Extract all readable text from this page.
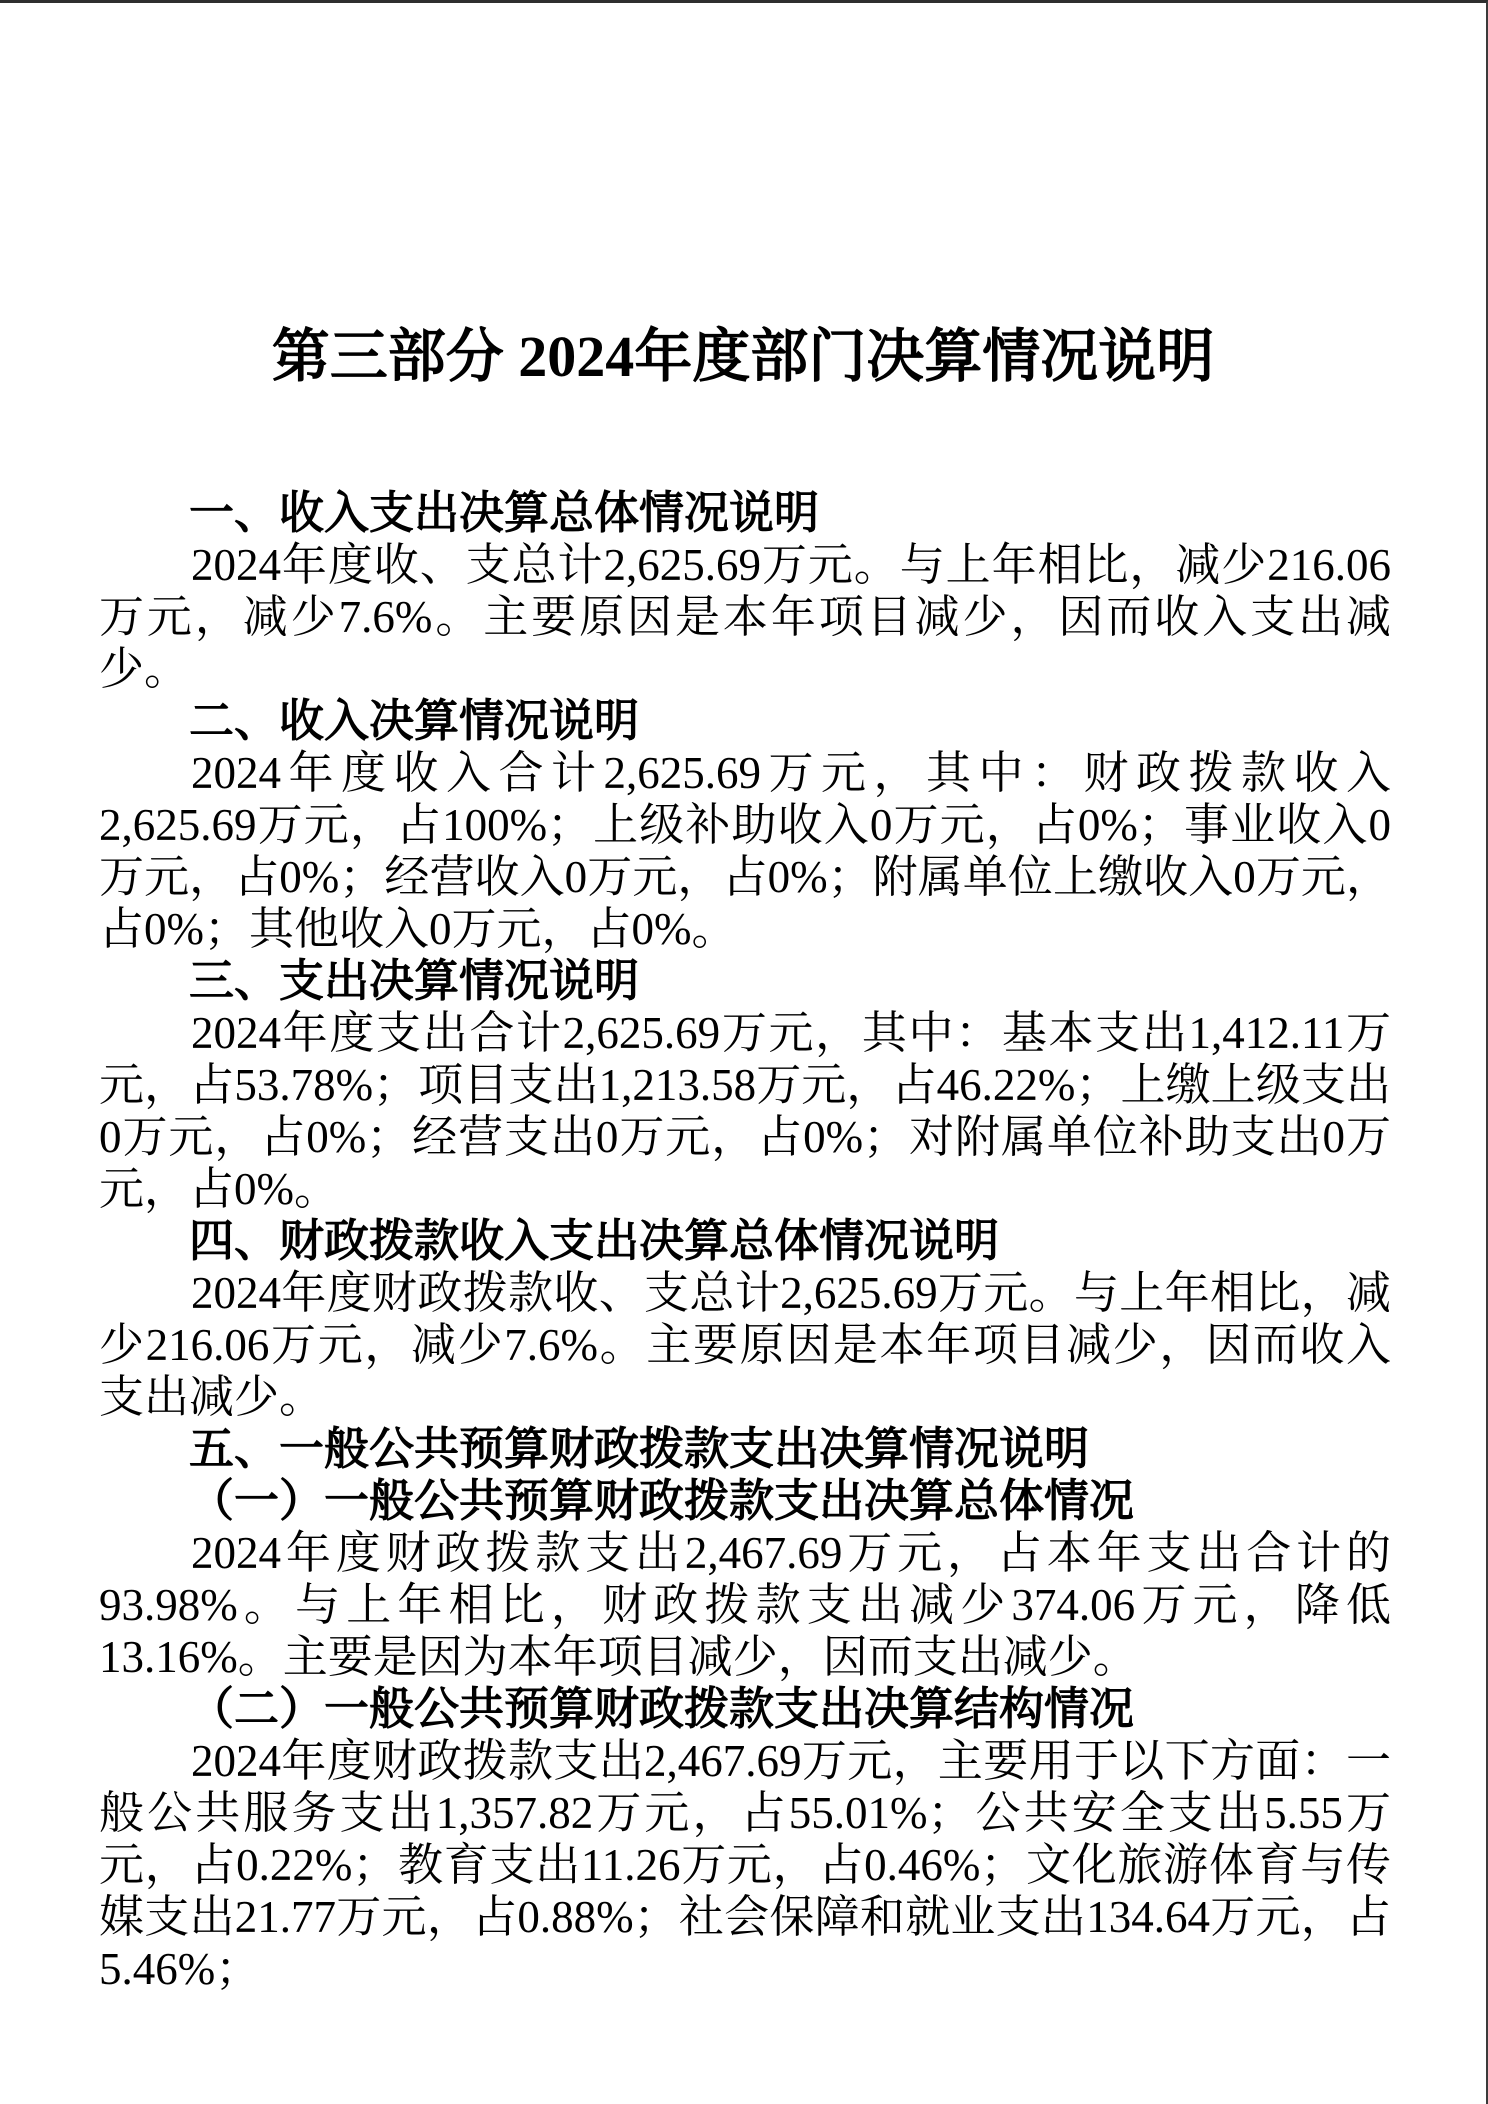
第三部分 2024年度部门决算情况说明
一、收入支出决算总体情况说明
2024年度收、支总计2,625.69万元。与上年相比，减少216.06万元，减少7.6%。主要原因是本年项目减少，因而收入支出减少。
二、收入决算情况说明
2024年度收入合计2,625.69万元，其中：财政拨款收入2,625.69万元，占100%；上级补助收入0万元，占0%；事业收入0万元，占0%；经营收入0万元，占0%；附属单位上缴收入0万元，占0%；其他收入0万元，占0%。
三、支出决算情况说明
2024年度支出合计2,625.69万元，其中：基本支出1,412.11万元，占53.78%；项目支出1,213.58万元，占46.22%；上缴上级支出0万元，占0%；经营支出0万元，占0%；对附属单位补助支出0万元，占0%。
四、财政拨款收入支出决算总体情况说明
2024年度财政拨款收、支总计2,625.69万元。与上年相比，减少216.06万元，减少7.6%。主要原因是本年项目减少，因而收入支出减少。
五、一般公共预算财政拨款支出决算情况说明
（一）一般公共预算财政拨款支出决算总体情况
2024年度财政拨款支出2,467.69万元，占本年支出合计的93.98%。与上年相比，财政拨款支出减少374.06万元，降低13.16%。主要是因为本年项目减少，因而支出减少。
（二）一般公共预算财政拨款支出决算结构情况
2024年度财政拨款支出2,467.69万元，主要用于以下方面：一般公共服务支出1,357.82万元，占55.01%；公共安全支出5.55万元，占0.22%；教育支出11.26万元，占0.46%；文化旅游体育与传媒支出21.77万元，占0.88%；社会保障和就业支出134.64万元，占5.46%；
